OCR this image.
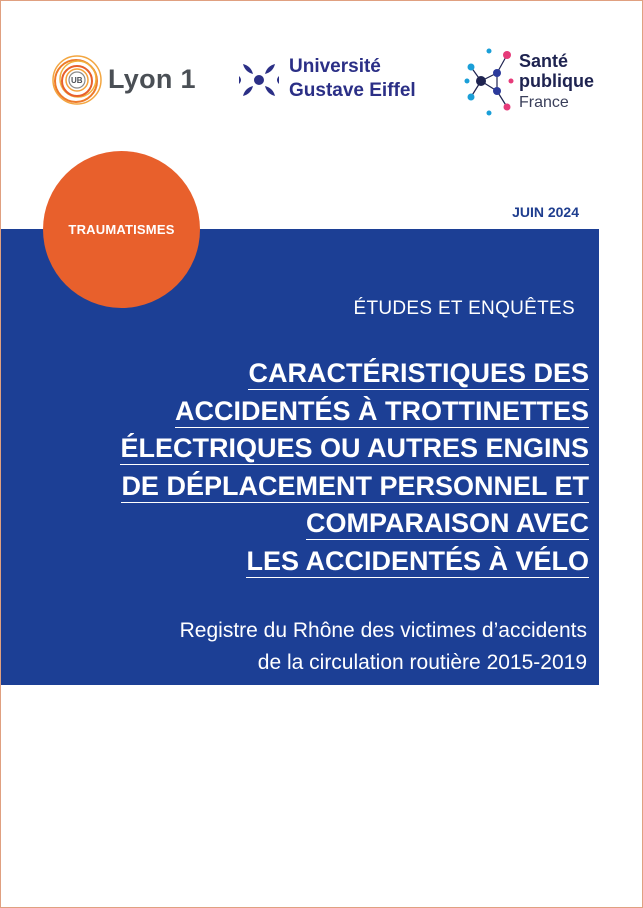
UB Lyon 1	Université
Gustave Eiffel
Santé
publique
France
JUIN 2024
TRAUMATISMES
ÉTUDES ET ENQUÊTES
CARACTÉRISTIQUES DES
ACCIDENTÉS À TROTTINETTES
ÉLECTRIQUES OU AUTRES ENGINS
DE DÉPLACEMENT PERSONNEL ET
COMPARAISON AVEC
LES ACCIDENTÉS À VÉLO
Registre du Rhône des victimes d’accidents
de la circulation routière 2015-2019
